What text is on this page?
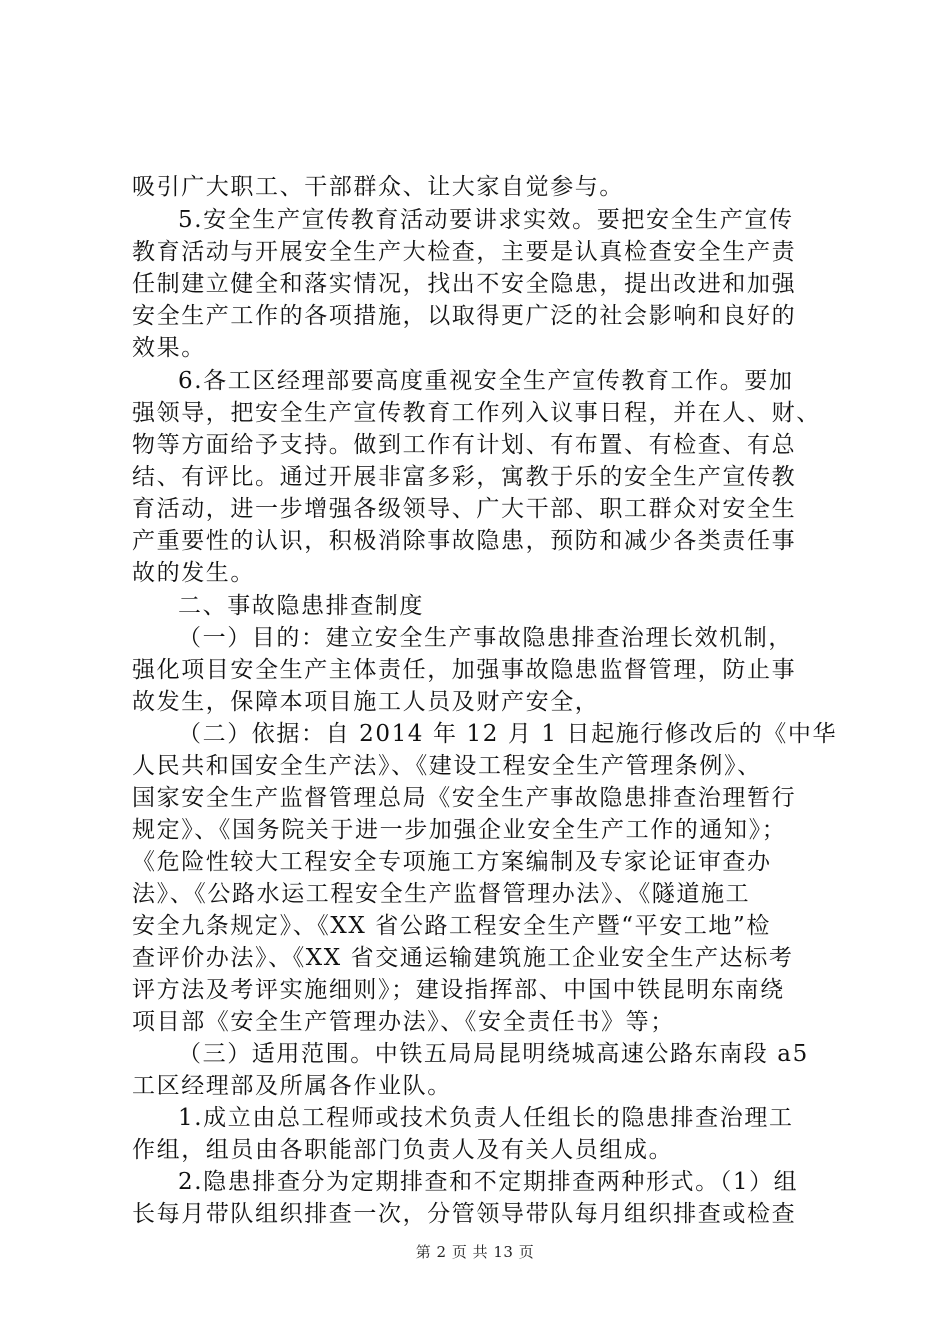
吸引广大职工、干部群众、让大家自觉参与。
5.安全生产宣传教育活动要讲求实效。要把安全生产宣传
教育活动与开展安全生产大检查，主要是认真检查安全生产责
任制建立健全和落实情况，找出不安全隐患，提出改进和加强
安全生产工作的各项措施，以取得更广泛的社会影响和良好的
效果。
6.各工区经理部要高度重视安全生产宣传教育工作。要加
强领导，把安全生产宣传教育工作列入议事日程，并在人、财、
物等方面给予支持。做到工作有计划、有布置、有检查、有总
结、有评比。通过开展非富多彩，寓教于乐的安全生产宣传教
育活动，进一步增强各级领导、广大干部、职工群众对安全生
产重要性的认识，积极消除事故隐患，预防和减少各类责任事
故的发生。
二、事故隐患排查制度
（一）目的：建立安全生产事故隐患排查治理长效机制，
强化项目安全生产主体责任，加强事故隐患监督管理，防止事
故发生，保障本项目施工人员及财产安全，
（二）依据：自 2014 年 12 月 1 日起施行修改后的《中华
人民共和国安全生产法》、《建设工程安全生产管理条例》、
国家安全生产监督管理总局《安全生产事故隐患排查治理暂行
规定》、《国务院关于进一步加强企业安全生产工作的通知》；
《危险性较大工程安全专项施工方案编制及专家论证审查办
法》、《公路水运工程安全生产监督管理办法》、《隧道施工
安全九条规定》、《XX 省公路工程安全生产暨“平安工地”检
查评价办法》、《XX 省交通运输建筑施工企业安全生产达标考
评方法及考评实施细则》；建设指挥部、中国中铁昆明东南绕
项目部《安全生产管理办法》、《安全责任书》等；
（三）适用范围。中铁五局局昆明绕城高速公路东南段 a5
工区经理部及所属各作业队。
1.成立由总工程师或技术负责人任组长的隐患排查治理工
作组，组员由各职能部门负责人及有关人员组成。
2.隐患排查分为定期排查和不定期排查两种形式。（1）组
长每月带队组织排查一次，分管领导带队每月组织排查或检查
第 2 页 共 13 页
